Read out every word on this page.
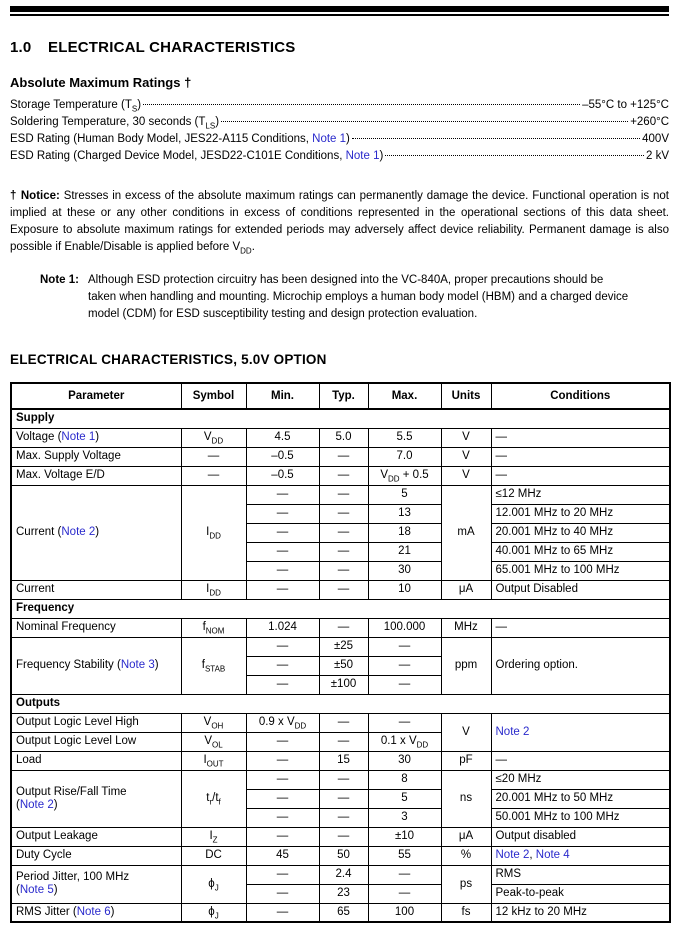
1.0 ELECTRICAL CHARACTERISTICS
Absolute Maximum Ratings †
Storage Temperature $(T_S)$	–55°C to +125°C
Soldering Temperature, 30 seconds $(T_{LS})$	+260°C
ESD Rating (Human Body Model, JES22-A115 Conditions, Note 1)	400V
ESD Rating (Charged Device Model, JESD22-C101E Conditions, Note 1)	2 kV

† Notice: Stresses in excess of the absolute maximum ratings can permanently damage the device. Functional operation is not implied at these or any other conditions in excess of conditions represented in the operational sections of this data sheet. Exposure to absolute maximum ratings for extended periods may adversely affect device reliability. Permanent damage is also possible if Enable/Disable is applied before $V_{DD}$.

Note 1: Although ESD protection circuitry has been designed into the VC-840A, proper precautions should be taken when handling and mounting. Microchip employs a human body model (HBM) and a charged device model (CDM) for ESD susceptibility testing and design protection evaluation.
ELECTRICAL CHARACTERISTICS, 5.0V OPTION
Parameter	Symbol	Min.	Typ.	Max.	Units	Conditions
Supply						
Voltage (Note 1)	$V_{DD}$	4.5	5.0	5.5	V	—
Max. Supply Voltage	—	–0.5	—	7.0	V	—
Max. Voltage E/D	—	–0.5	—	$V_{DD} + 0.5$	V	—
Current (Note 2)	$I_{DD}$	—	—	5	mA	≤12 MHz
		—	—	13		12.001 MHz to 20 MHz
		—	—	18		20.001 MHz to 40 MHz
		—	—	21		40.001 MHz to 65 MHz
		—	—	30		65.001 MHz to 100 MHz
Current	$I_{DD}$	—	—	10	μA	Output Disabled
Frequency						
Nominal Frequency	$f_{NOM}$	1.024	—	100.000	MHz	—
Frequency Stability (Note 3)	$f_{STAB}$	—	±25	—	ppm	Ordering option.
		—	±50	—		
		—	±100	—		
Outputs						
Output Logic Level High	$V_{OH}$	0.9 x $V_{DD}$	—	—	V	Note 2
Output Logic Level Low	$V_{OL}$	—	—	0.1 x $V_{DD}$
Load	$I_{OUT}$	—	15	30	pF	—
Output Rise/Fall Time
(Note 2)	$t_r/t_f$	—	—	8	ns	≤20 MHz
		—	—	5		20.001 MHz to 50 MHz
		—	—	3		50.001 MHz to 100 MHz
Output Leakage	$I_Z$	—	—	±10	μA	Output disabled
Duty Cycle	DC	45	50	55	%	Note 2, Note 4
Period Jitter, 100 MHz
(Note 5)	$\phi_J$	—	2.4	—	ps	RMS
		—	23	—		Peak-to-peak
RMS Jitter (Note 6)	$\phi_J$	—	65	100	fs	12 kHz to 20 MHz
